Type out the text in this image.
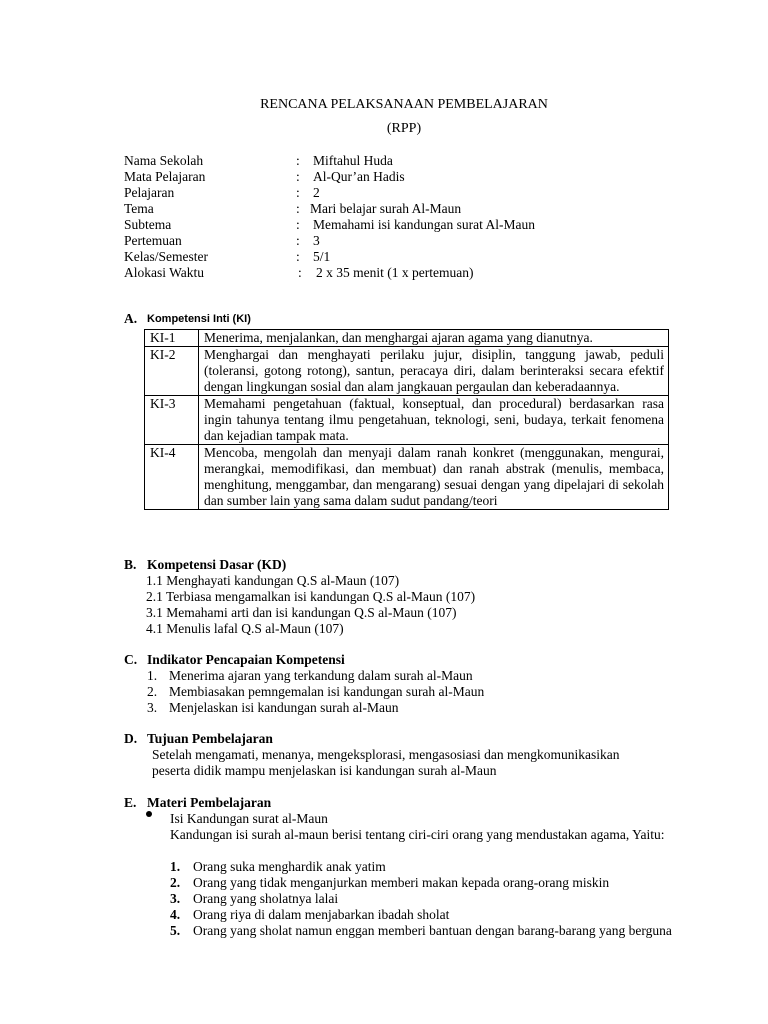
RENCANA PELAKSANAAN PEMBELAJARAN
(RPP)
Nama Sekolah	: Miftahul Huda
Mata Pelajaran	: Al-Qur’an Hadis
Pelajaran	: 2
Tema	: Mari belajar surah Al-Maun
Subtema	: Memahami isi kandungan surat Al-Maun
Pertemuan	: 3
Kelas/Semester	: 5/1
Alokasi Waktu	: 2 x 35 menit (1 x pertemuan)
A. Kompetensi Inti (KI)
KI-1	Menerima, menjalankan, dan menghargai ajaran agama yang dianutnya.
KI-2	Menghargai dan menghayati perilaku jujur, disiplin, tanggung jawab, peduli (toleransi, gotong rotong), santun, peracaya diri, dalam berinteraksi secara efektif dengan lingkungan sosial dan alam jangkauan pergaulan dan keberadaannya.
KI-3	Memahami pengetahuan (faktual, konseptual, dan procedural) berdasarkan rasa ingin tahunya tentang ilmu pengetahuan, teknologi, seni, budaya, terkait fenomena dan kejadian tampak mata.
KI-4	Mencoba, mengolah dan menyaji dalam ranah konkret (menggunakan, mengurai, merangkai, memodifikasi, dan membuat) dan ranah abstrak (menulis, membaca, menghitung, menggambar, dan mengarang) sesuai dengan yang dipelajari di sekolah dan sumber lain yang sama dalam sudut pandang/teori
B. Kompetensi Dasar (KD)
1.1 Menghayati kandungan Q.S al-Maun (107)
2.1 Terbiasa mengamalkan isi kandungan Q.S al-Maun (107)
3.1 Memahami arti dan isi kandungan Q.S al-Maun (107)
4.1 Menulis lafal Q.S al-Maun (107)
C. Indikator Pencapaian Kompetensi
1. Menerima ajaran yang terkandung dalam surah al-Maun
2. Membiasakan pemngemalan isi kandungan surah al-Maun
3. Menjelaskan isi kandungan surah al-Maun
D. Tujuan Pembelajaran
Setelah mengamati, menanya, mengeksplorasi, mengasosiasi dan mengkomunikasikan
peserta didik mampu menjelaskan isi kandungan surah al-Maun
E. Materi Pembelajaran
Isi Kandungan surat al-Maun
Kandungan isi surah al-maun berisi tentang ciri-ciri orang yang mendustakan agama, Yaitu:
1. Orang suka menghardik anak yatim
2. Orang yang tidak menganjurkan memberi makan kepada orang-orang miskin
3. Orang yang sholatnya lalai
4. Orang riya di dalam menjabarkan ibadah sholat
5. Orang yang sholat namun enggan memberi bantuan dengan barang-barang yang berguna
